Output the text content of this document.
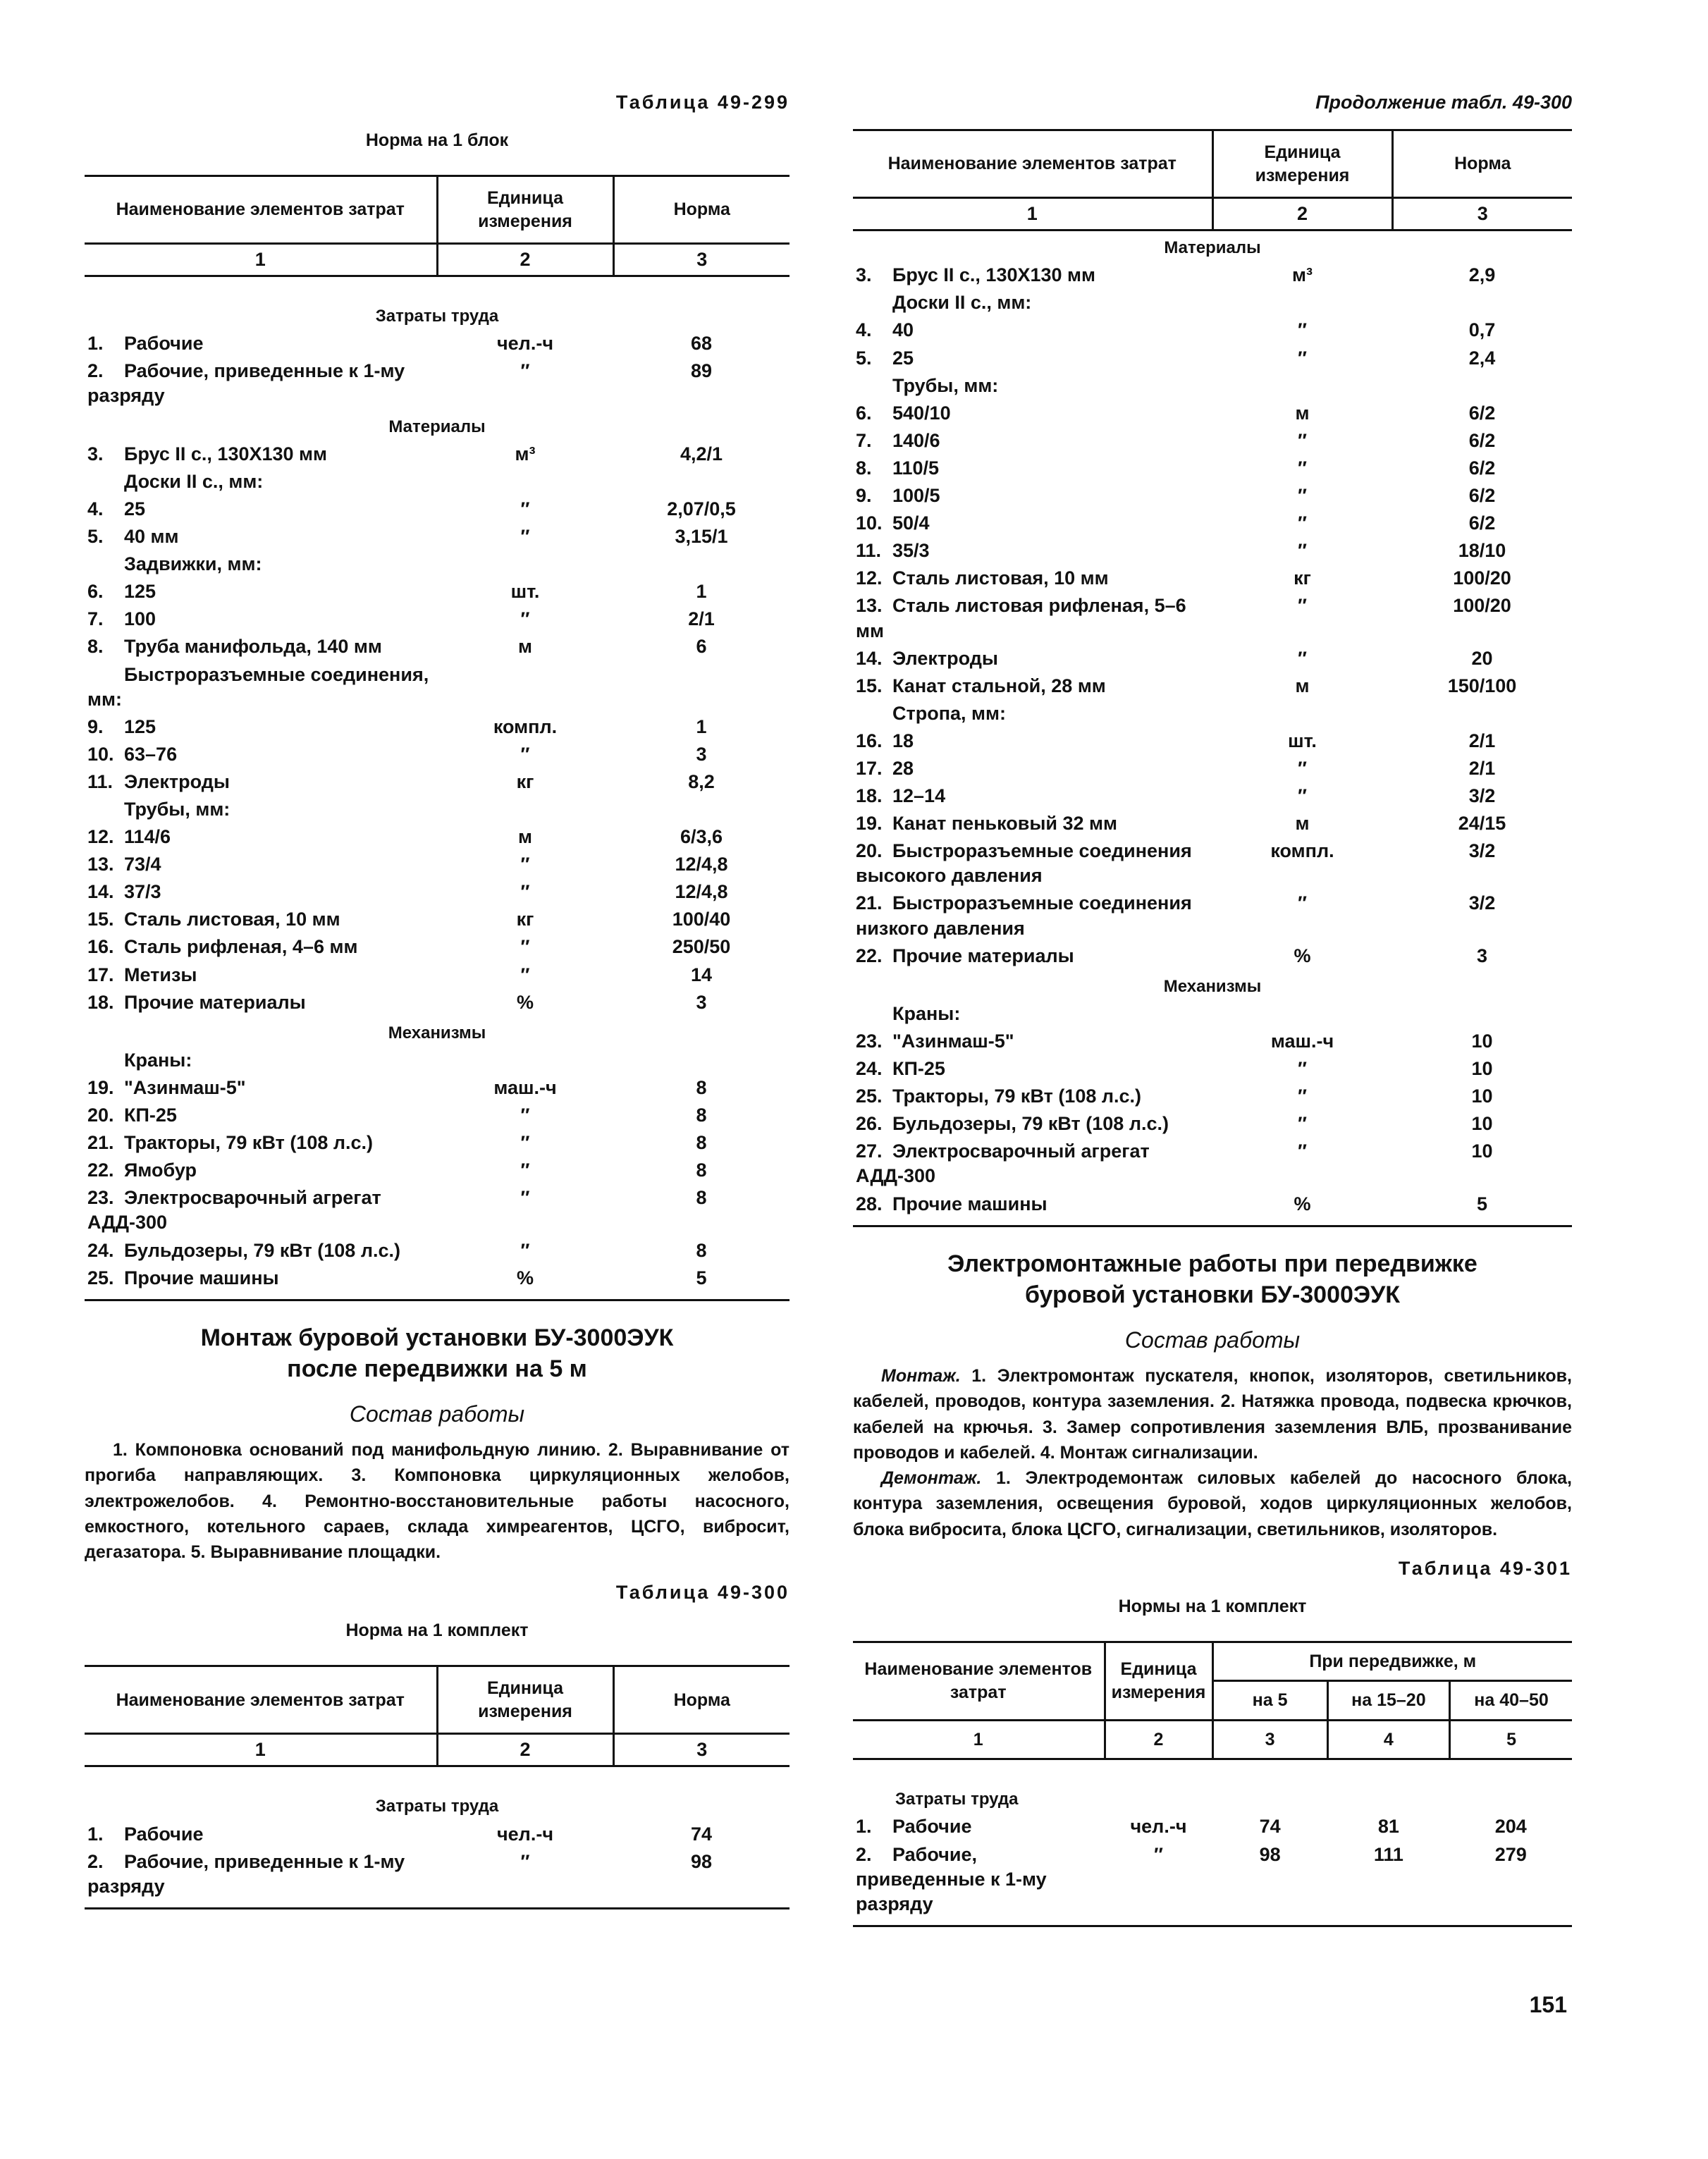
Таблица 49-299
Норма на 1 блок
Наименование элементов затрат	Единица измерения	Норма
1	2	3
Затраты труда		
1. Рабочие	чел.-ч	68
2. Рабочие, приведенные к 1-му разряду	″	89
Материалы		
3. Брус II с., 130Х130 мм	м³	4,2/1
Доски II с., мм:		
4. 25	″	2,07/0,5
5. 40 мм	″	3,15/1
Задвижки, мм:		
6. 125	шт.	1
7. 100	″	2/1
8. Труба манифольда, 140 мм	м	6
Быстроразъемные соединения, мм:		
9. 125	компл.	1
10. 63–76	″	3
11. Электроды	кг	8,2
Трубы, мм:		
12. 114/6	м	6/3,6
13. 73/4	″	12/4,8
14. 37/3	″	12/4,8
15. Сталь листовая, 10 мм	кг	100/40
16. Сталь рифленая, 4–6 мм	″	250/50
17. Метизы	″	14
18. Прочие материалы	%	3
Механизмы		
Краны:		
19. "Азинмаш-5"	маш.-ч	8
20. КП-25	″	8
21. Тракторы, 79 кВт (108 л.с.)	″	8
22. Ямобур	″	8
23. Электросварочный агрегат АДД-300	″	8
24. Бульдозеры, 79 кВт (108 л.с.)	″	8
25. Прочие машины	%	5
Монтаж буровой установки БУ-3000ЭУК
после передвижки на 5 м
Состав работы

1. Компоновка оснований под манифольдную линию. 2. Выравнивание от прогиба направляющих. 3. Компоновка циркуляционных желобов, электрожелобов. 4. Ремонтно-восстановительные работы насосного, емкостного, котельного сараев, склада химреагентов, ЦСГО, вибросит, дегазатора. 5. Выравнивание площадки.

Таблица 49-300
Норма на 1 комплект
Наименование элементов затрат	Единица измерения	Норма
1	2	3
Затраты труда		
1. Рабочие	чел.-ч	74
2. Рабочие, приведенные к 1-му разряду	″	98
Продолжение табл. 49-300
Наименование элементов затрат	Единица измерения	Норма
1	2	3
Материалы		
3. Брус II с., 130Х130 мм	м³	2,9
Доски II с., мм:		
4. 40	″	0,7
5. 25	″	2,4
Трубы, мм:		
6. 540/10	м	6/2
7. 140/6	″	6/2
8. 110/5	″	6/2
9. 100/5	″	6/2
10. 50/4	″	6/2
11. 35/3	″	18/10
12. Сталь листовая, 10 мм	кг	100/20
13. Сталь листовая рифленая, 5–6 мм	″	100/20
14. Электроды	″	20
15. Канат стальной, 28 мм	м	150/100
Стропа, мм:		
16. 18	шт.	2/1
17. 28	″	2/1
18. 12–14	″	3/2
19. Канат пеньковый 32 мм	м	24/15
20. Быстроразъемные соединения высокого давления	компл.	3/2
21. Быстроразъемные соединения низкого давления	″	3/2
22. Прочие материалы	%	3
Механизмы		
Краны:		
23. "Азинмаш-5"	маш.-ч	10
24. КП-25	″	10
25. Тракторы, 79 кВт (108 л.с.)	″	10
26. Бульдозеры, 79 кВт (108 л.с.)	″	10
27. Электросварочный агрегат АДД-300	″	10
28. Прочие машины	%	5
Электромонтажные работы при передвижке
буровой установки БУ-3000ЭУК
Состав работы

Монтаж. 1. Электромонтаж пускателя, кнопок, изоляторов, светильников, кабелей, проводов, контура заземления. 2. Натяжка провода, подвеска крючков, кабелей на крючья. 3. Замер сопротивления заземления ВЛБ, прозванивание проводов и кабелей. 4. Монтаж сигнализации.

Демонтаж. 1. Электродемонтаж силовых кабелей до насосного блока, контура заземления, освещения буровой, ходов циркуляционных желобов, блока вибросита, блока ЦСГО, сигнализации, светильников, изоляторов.

Таблица 49-301
Нормы на 1 комплект
Наименование элементов затрат	Единица измерения	При передвижке, м		
		на 5	на 15–20	на 40–50
1	2	3	4	5
Затраты труда				
1. Рабочие	чел.-ч	74	81	204
2. Рабочие, приведенные к 1-му разряду	″	98	111	279
151
